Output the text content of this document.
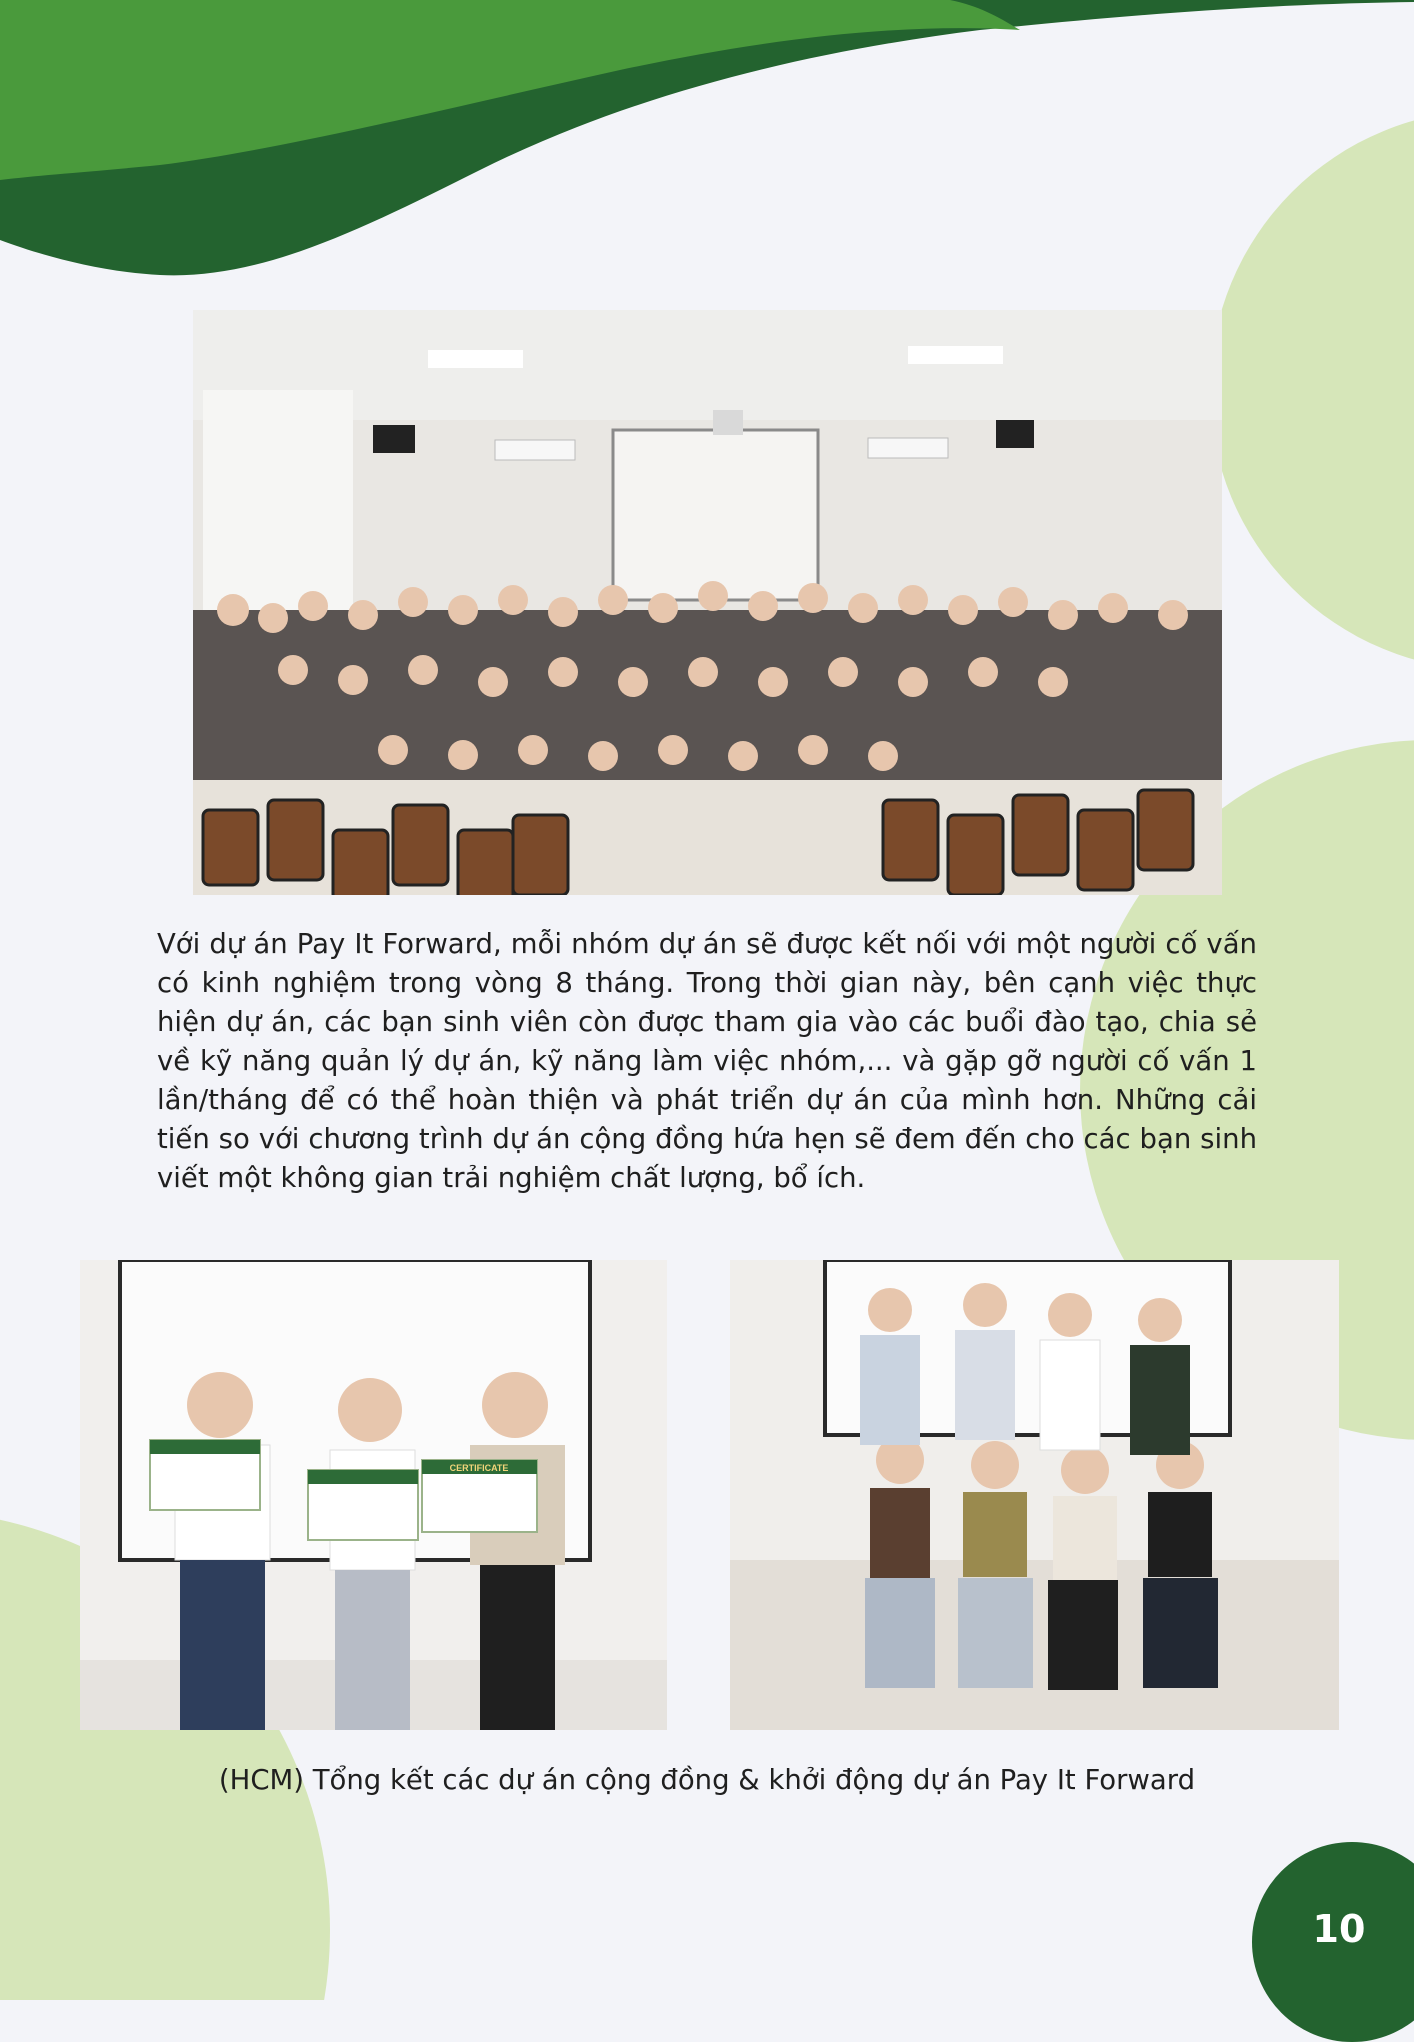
Với dự án Pay It Forward, mỗi nhóm dự án sẽ được kết nối với một người cố vấn có kinh nghiệm trong vòng 8 tháng. Trong thời gian này, bên cạnh việc thực hiện dự án, các bạn sinh viên còn được tham gia vào các buổi đào tạo, chia sẻ về kỹ năng quản lý dự án, kỹ năng làm việc nhóm,... và gặp gỡ người cố vấn 1 lần/tháng để có thể hoàn thiện và phát triển dự án của mình hơn. Những cải tiến so với chương trình dự án cộng đồng hứa hẹn sẽ đem đến cho các bạn sinh viết một không gian trải nghiệm chất lượng, bổ ích.

CERTIFICATE

(HCM) Tổng kết các dự án cộng đồng & khởi động dự án Pay It Forward

10
